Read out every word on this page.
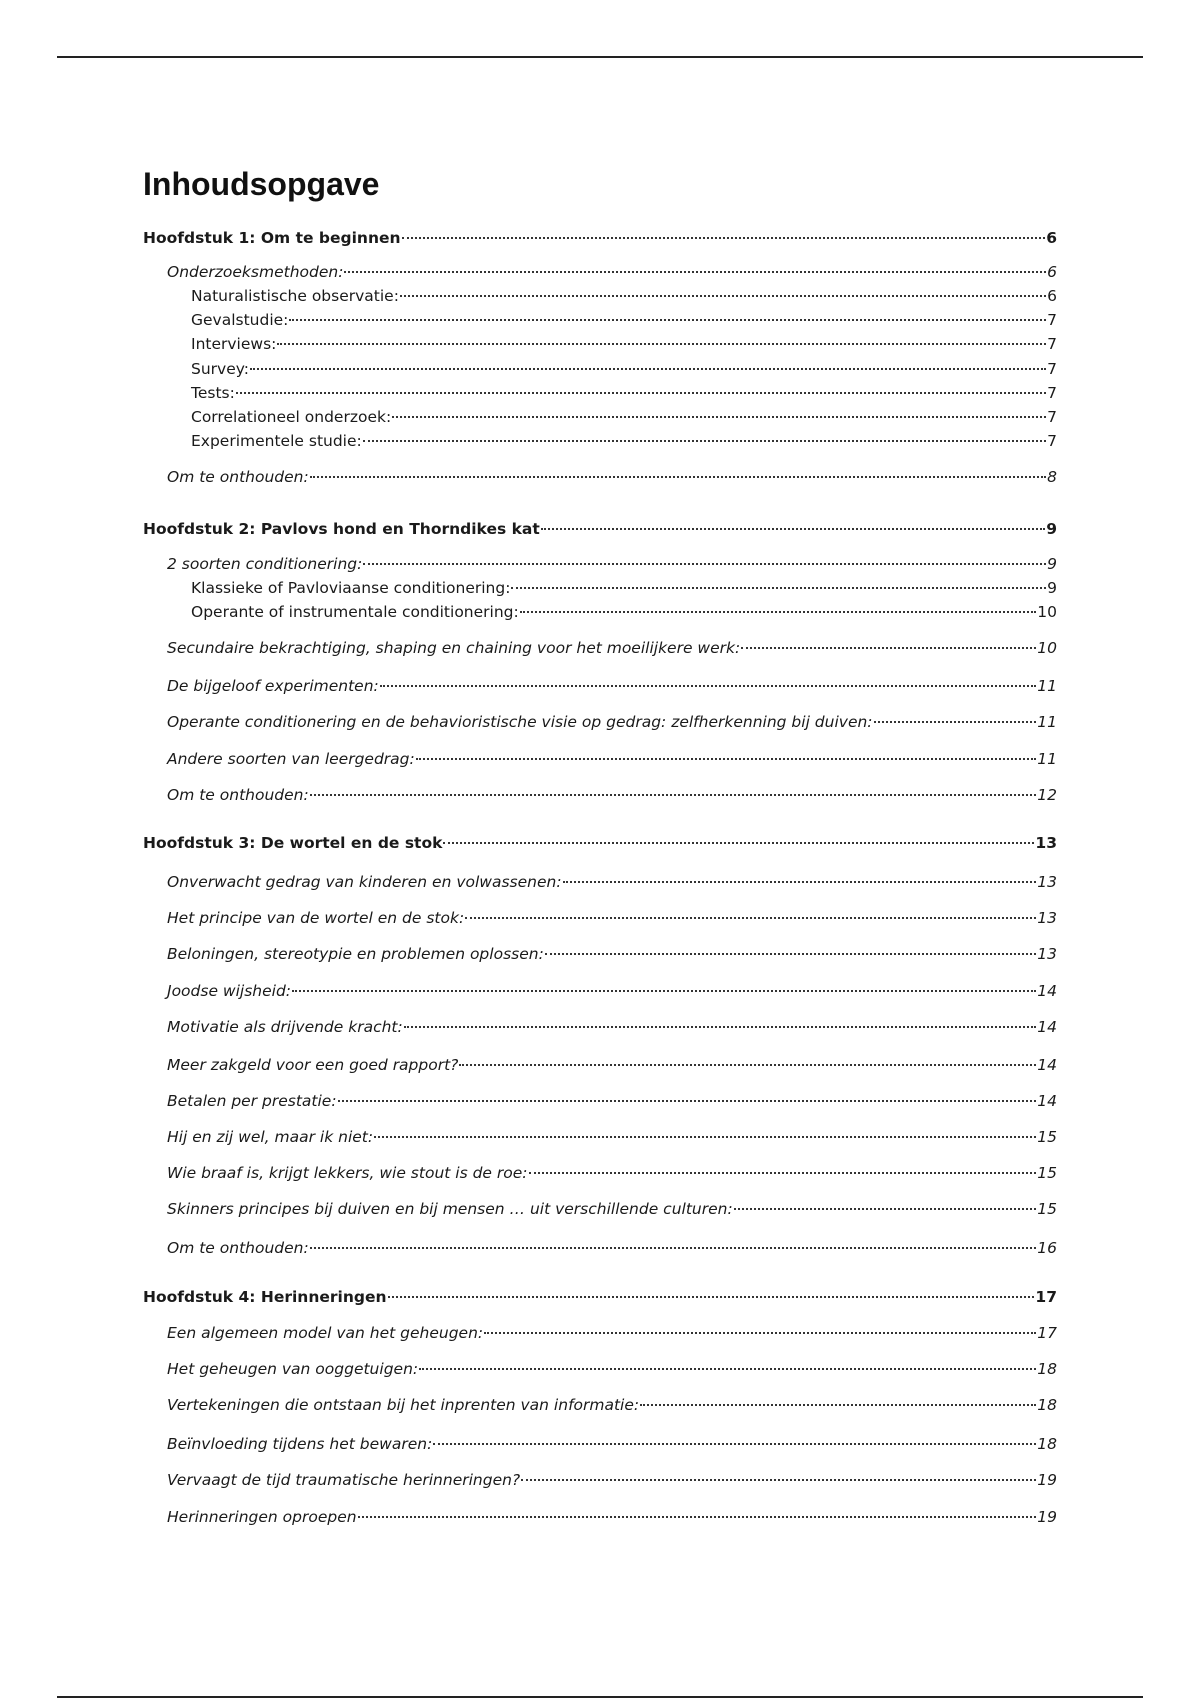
Inhoudsopgave
Hoofdstuk 1: Om te beginnen	6
Onderzoeksmethoden:	6
Naturalistische observatie:	6
Gevalstudie:	7
Interviews:	7
Survey:	7
Tests:	7
Correlationeel onderzoek:	7
Experimentele studie:	7
Om te onthouden:	8
Hoofdstuk 2: Pavlovs hond en Thorndikes kat	9
2 soorten conditionering:	9
Klassieke of Pavloviaanse conditionering:	9
Operante of instrumentale conditionering:	10
Secundaire bekrachtiging, shaping en chaining voor het moeilijkere werk:	10
De bijgeloof experimenten:	11
Operante conditionering en de behavioristische visie op gedrag: zelfherkenning bij duiven:	11
Andere soorten van leergedrag:	11
Om te onthouden:	12
Hoofdstuk 3: De wortel en de stok	13
Onverwacht gedrag van kinderen en volwassenen:	13
Het principe van de wortel en de stok:	13
Beloningen, stereotypie en problemen oplossen:	13
Joodse wijsheid:	14
Motivatie als drijvende kracht:	14
Meer zakgeld voor een goed rapport?	14
Betalen per prestatie:	14
Hij en zij wel, maar ik niet:	15
Wie braaf is, krijgt lekkers, wie stout is de roe:	15
Skinners principes bij duiven en bij mensen … uit verschillende culturen:	15
Om te onthouden:	16
Hoofdstuk 4: Herinneringen	17
Een algemeen model van het geheugen:	17
Het geheugen van ooggetuigen:	18
Vertekeningen die ontstaan bij het inprenten van informatie:	18
Beïnvloeding tijdens het bewaren:	18
Vervaagt de tijd traumatische herinneringen?	19
Herinneringen oproepen	19
